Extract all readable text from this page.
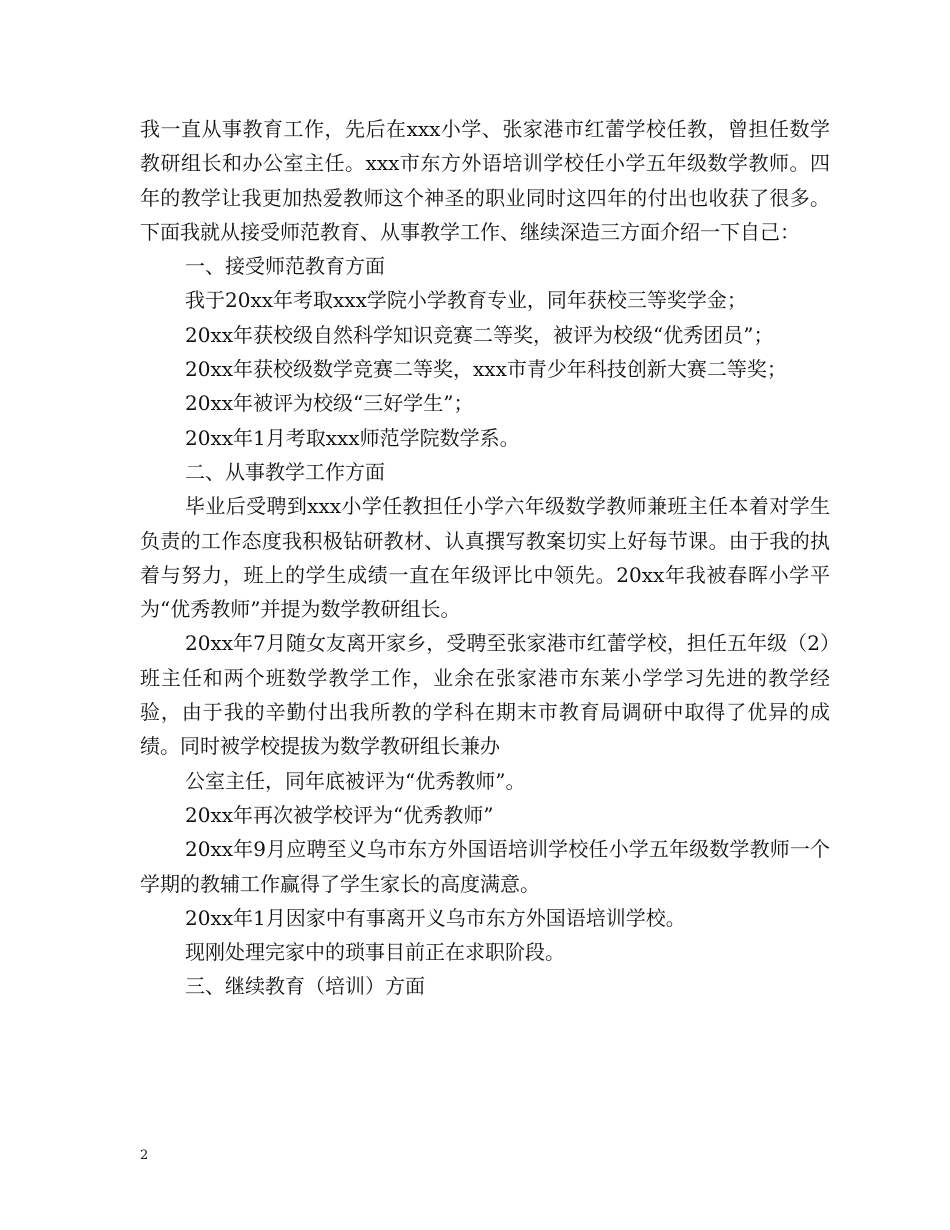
我一直从事教育工作，先后在xxx小学、张家港市红蕾学校任教，曾担任数学教研组长和办公室主任。xxx市东方外语培训学校任小学五年级数学教师。四年的教学让我更加热爱教师这个神圣的职业同时这四年的付出也收获了很多。下面我就从接受师范教育、从事教学工作、继续深造三方面介绍一下自己：

一、接受师范教育方面

我于20xx年考取xxx学院小学教育专业，同年获校三等奖学金；

20xx年获校级自然科学知识竞赛二等奖，被评为校级“优秀团员”；

20xx年获校级数学竞赛二等奖，xxx市青少年科技创新大赛二等奖；

20xx年被评为校级“三好学生”；

20xx年1月考取xxx师范学院数学系。

二、从事教学工作方面

毕业后受聘到xxx小学任教担任小学六年级数学教师兼班主任本着对学生负责的工作态度我积极钻研教材、认真撰写教案切实上好每节课。由于我的执着与努力，班上的学生成绩一直在年级评比中领先。20xx年我被春晖小学平为“优秀教师”并提为数学教研组长。

20xx年7月随女友离开家乡，受聘至张家港市红蕾学校，担任五年级（2）班主任和两个班数学教学工作，业余在张家港市东莱小学学习先进的教学经验，由于我的辛勤付出我所教的学科在期末市教育局调研中取得了优异的成绩。同时被学校提拔为数学教研组长兼办

公室主任，同年底被评为“优秀教师”。

20xx年再次被学校评为“优秀教师”

20xx年9月应聘至义乌市东方外国语培训学校任小学五年级数学教师一个学期的教辅工作赢得了学生家长的高度满意。

20xx年1月因家中有事离开义乌市东方外国语培训学校。

现刚处理完家中的琐事目前正在求职阶段。

三、继续教育（培训）方面

2
